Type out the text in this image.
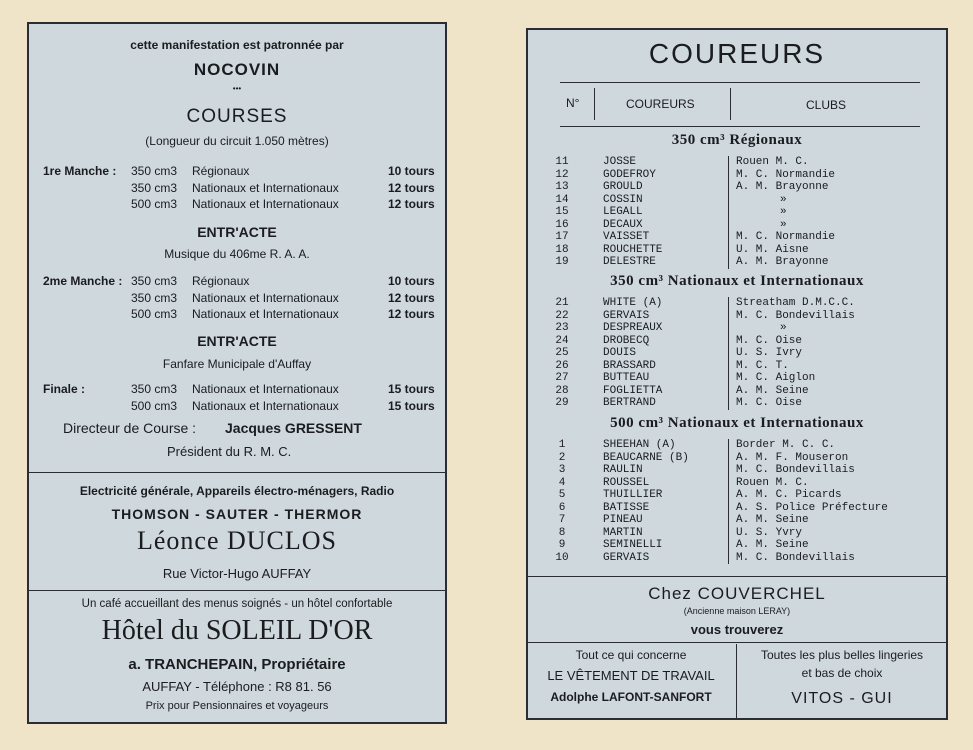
cette manifestation est patronnée par
NOCOVIN
•••
COURSES
(Longueur du circuit 1.050 mètres)
1re Manche : 350 cm3 Régionaux	10 tours
350 cm3 Nationaux et Internationaux	12 tours
500 cm3 Nationaux et Internationaux	12 tours
ENTR'ACTE
Musique du 406me R. A. A.
2me Manche : 350 cm3 Régionaux	10 tours
350 cm3 Nationaux et Internationaux	12 tours
500 cm3 Nationaux et Internationaux	12 tours
ENTR'ACTE
Fanfare Municipale d'Auffay
Finale :	350 cm3 Nationaux et Internationaux	15 tours
500 cm3 Nationaux et Internationaux	15 tours
Directeur de Course : Jacques GRESSENT
Président du R. M. C.
Electricité générale, Appareils électro-ménagers, Radio
THOMSON - SAUTER - THERMOR
Léonce DUCLOS
Rue Victor-Hugo AUFFAY
Un café accueillant des menus soignés - un hôtel confortable
Hôtel du SOLEIL D'OR
a. TRANCHEPAIN, Propriétaire
AUFFAY - Téléphone : R8 81. 56
Prix pour Pensionnaires et voyageurs
COUREURS
N°	COUREURS	CLUBS
350 cm³ Régionaux
11	JOSSE	Rouen M. C.
12	GODEFROY	M. C. Normandie
13	GROULD	A. M. Brayonne
14	COSSIN	»
15	LEGALL	»
16	DECAUX	»
17	VAISSET	M. C. Normandie
18	ROUCHETTE	U. M. Aisne
19	DELESTRE	A. M. Brayonne
350 cm³ Nationaux et Internationaux
21	WHITE (A)	Streatham D.M.C.C.
22	GERVAIS	M. C. Bondevillais
23	DESPREAUX	»
24	DROBECQ	M. C. Oise
25	DOUIS	U. S. Ivry
26	BRASSARD	M. C. T.
27	BUTTEAU	M. C. Aiglon
28	FOGLIETTA	A. M. Seine
29	BERTRAND	M. C. Oise
500 cm³ Nationaux et Internationaux
1	SHEEHAN (A)	Border M. C. C.
2	BEAUCARNE (B)	A. M. F. Mouseron
3	RAULIN	M. C. Bondevillais
4	ROUSSEL	Rouen M. C.
5	THUILLIER	A. M. C. Picards
6	BATISSE	A. S. Police Préfecture
7	PINEAU	A. M. Seine
8	MARTIN	U. S. Yvry
9	SEMINELLI	A. M. Seine
10	GERVAIS	M. C. Bondevillais
Chez COUVERCHEL
(Ancienne maison LERAY)
vous trouverez
Tout ce qui concerne
LE VÊTEMENT DE TRAVAIL
Adolphe LAFONT-SANFORT
Toutes les plus belles lingeries
et bas de choix
VITOS - GUI
